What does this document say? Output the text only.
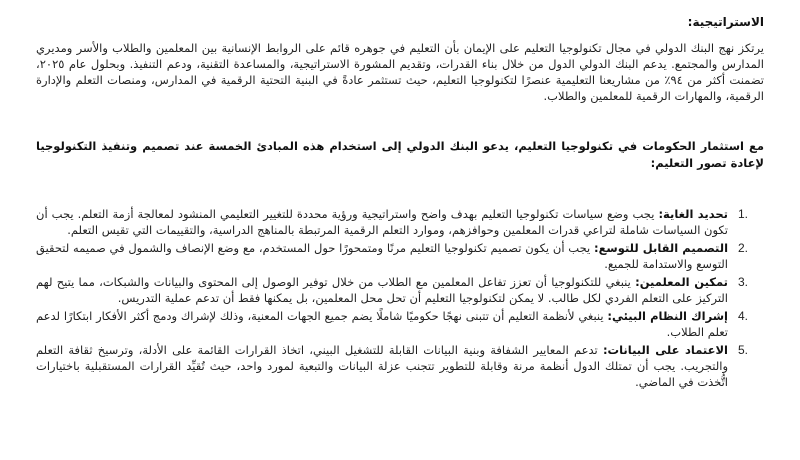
الاستراتيجية:

يرتكز نهج البنك الدولي في مجال تكنولوجيا التعليم على الإيمان بأن التعليم في جوهره قائم على الروابط الإنسانية بين المعلمين والطلاب والأسر ومديري المدارس والمجتمع. يدعم البنك الدولي الدول من خلال بناء القدرات، وتقديم المشورة الاستراتيجية، والمساعدة التقنية، ودعم التنفيذ. وبحلول عام ٢٠٢٥، تضمنت أكثر من ٩٤٪ من مشاريعنا التعليمية عنصرًا لتكنولوجيا التعليم، حيث تستثمر عادةً في البنية التحتية الرقمية في المدارس، ومنصات التعلم والإدارة الرقمية، والمهارات الرقمية للمعلمين والطلاب.

مع استثمار الحكومات في تكنولوجيا التعليم، يدعو البنك الدولي إلى استخدام هذه المبادئ الخمسة عند تصميم وتنفيذ التكنولوجيا لإعادة تصور التعليم:

1.
تحديد الغاية: يجب وضع سياسات تكنولوجيا التعليم بهدف واضح واستراتيجية ورؤية محددة للتغيير التعليمي المنشود لمعالجة أزمة التعلم. يجب أن تكون السياسات شاملة لتراعي قدرات المعلمين وحوافزهم، وموارد التعلم الرقمية المرتبطة بالمناهج الدراسية، والتقييمات التي تقيس التعلم.
2.
التصميم القابل للتوسع: يجب أن يكون تصميم تكنولوجيا التعليم مرنًا ومتمحورًا حول المستخدم، مع وضع الإنصاف والشمول في صميمه لتحقيق التوسع والاستدامة للجميع.
3.
تمكين المعلمين: ينبغي للتكنولوجيا أن تعزز تفاعل المعلمين مع الطلاب من خلال توفير الوصول إلى المحتوى والبيانات والشبكات، مما يتيح لهم التركيز على التعلم الفردي لكل طالب. لا يمكن لتكنولوجيا التعليم أن تحل محل المعلمين، بل يمكنها فقط أن تدعم عملية التدريس.
4.
إشراك النظام البيئي: ينبغي لأنظمة التعليم أن تتبنى نهجًا حكوميًا شاملًا يضم جميع الجهات المعنية، وذلك لإشراك ودمج أكثر الأفكار ابتكارًا لدعم تعلم الطلاب.
5.
الاعتماد على البيانات: تدعم المعايير الشفافة وبنية البيانات القابلة للتشغيل البيني، اتخاذ القرارات القائمة على الأدلة، وترسيخ ثقافة التعلم والتجريب. يجب أن تمتلك الدول أنظمة مرنة وقابلة للتطوير تتجنب عزلة البيانات والتبعية لمورد واحد، حيث تُقيِّد القرارات المستقبلية باختيارات اتُّخذت في الماضي.
